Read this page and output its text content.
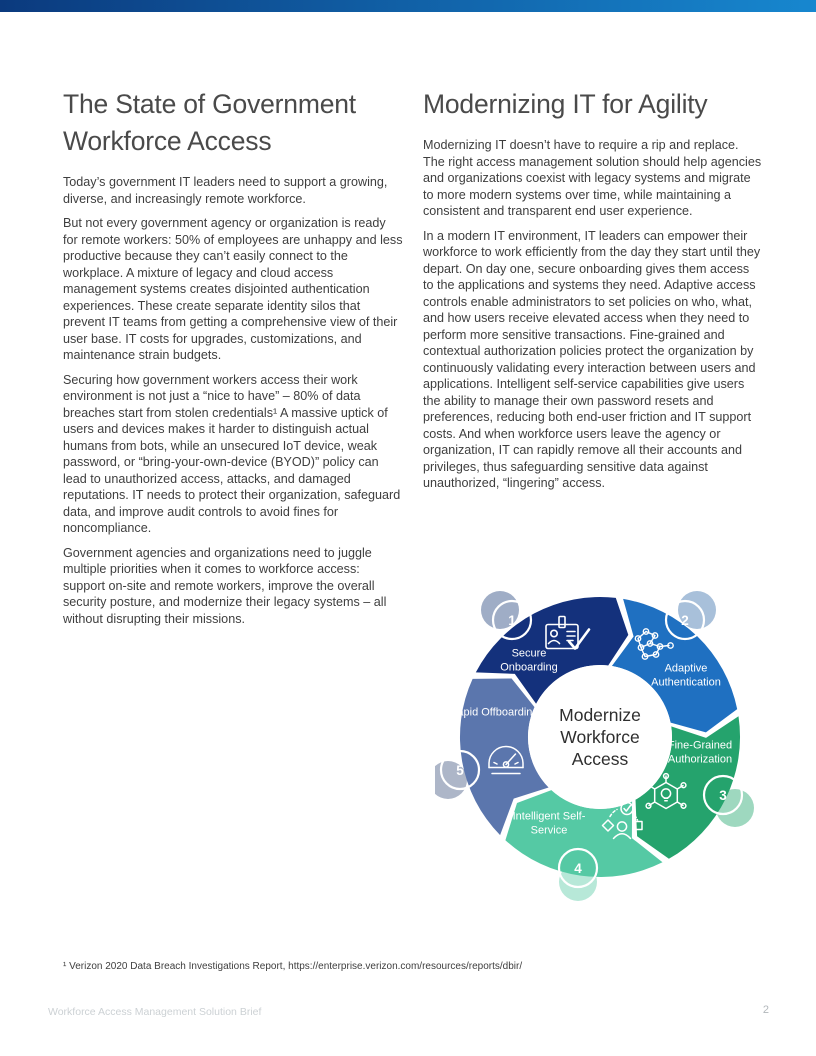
The State of Government Workforce Access

Today’s government IT leaders need to support a growing, diverse, and increasingly remote workforce.

But not every government agency or organization is ready for remote workers: 50% of employees are unhappy and less productive because they can’t easily connect to the workplace. A mixture of legacy and cloud access management systems creates disjointed authentication experiences. These create separate identity silos that prevent IT teams from getting a comprehensive view of their user base. IT costs for upgrades, customizations, and maintenance strain budgets.

Securing how government workers access their work environment is not just a “nice to have” – 80% of data breaches start from stolen credentials¹ A massive uptick of users and devices makes it harder to distinguish actual humans from bots, while an unsecured IoT device, weak password, or “bring-your-own-device (BYOD)” policy can lead to unauthorized access, attacks, and damaged reputations. IT needs to protect their organization, safeguard data, and improve audit controls to avoid fines for noncompliance.

Government agencies and organizations need to juggle multiple priorities when it comes to workforce access: support on-site and remote workers, improve the overall security posture, and modernize their legacy systems – all without disrupting their missions.

Modernizing IT for Agility

Modernizing IT doesn’t have to require a rip and replace. The right access management solution should help agencies and organizations coexist with legacy systems and migrate to more modern systems over time, while maintaining a consistent and transparent end user experience.

In a modern IT environment, IT leaders can empower their workforce to work efficiently from the day they start until they depart. On day one, secure onboarding gives them access to the applications and systems they need. Adaptive access controls enable administrators to set policies on who, what, and how users receive elevated access when they need to perform more sensitive transactions. Fine-grained and contextual authorization policies protect the organization by continuously validating every interaction between users and applications. Intelligent self-service capabilities give users the ability to manage their own password resets and preferences, reducing both end-user friction and IT support costs. And when workforce users leave the agency or organization, IT can rapidly remove all their accounts and privileges, thus safeguarding sensitive data against unauthorized, “lingering” access.

1	2
3
4
5
Secure Onboarding	Adaptive Authentication
Fine-Grained Authorization
Intelligent Self-Service
Rapid Offboarding	Modernize Workforce Access
¹ Verizon 2020 Data Breach Investigations Report, https://enterprise.verizon.com/resources/reports/dbir/
Workforce Access Management Solution Brief	2
